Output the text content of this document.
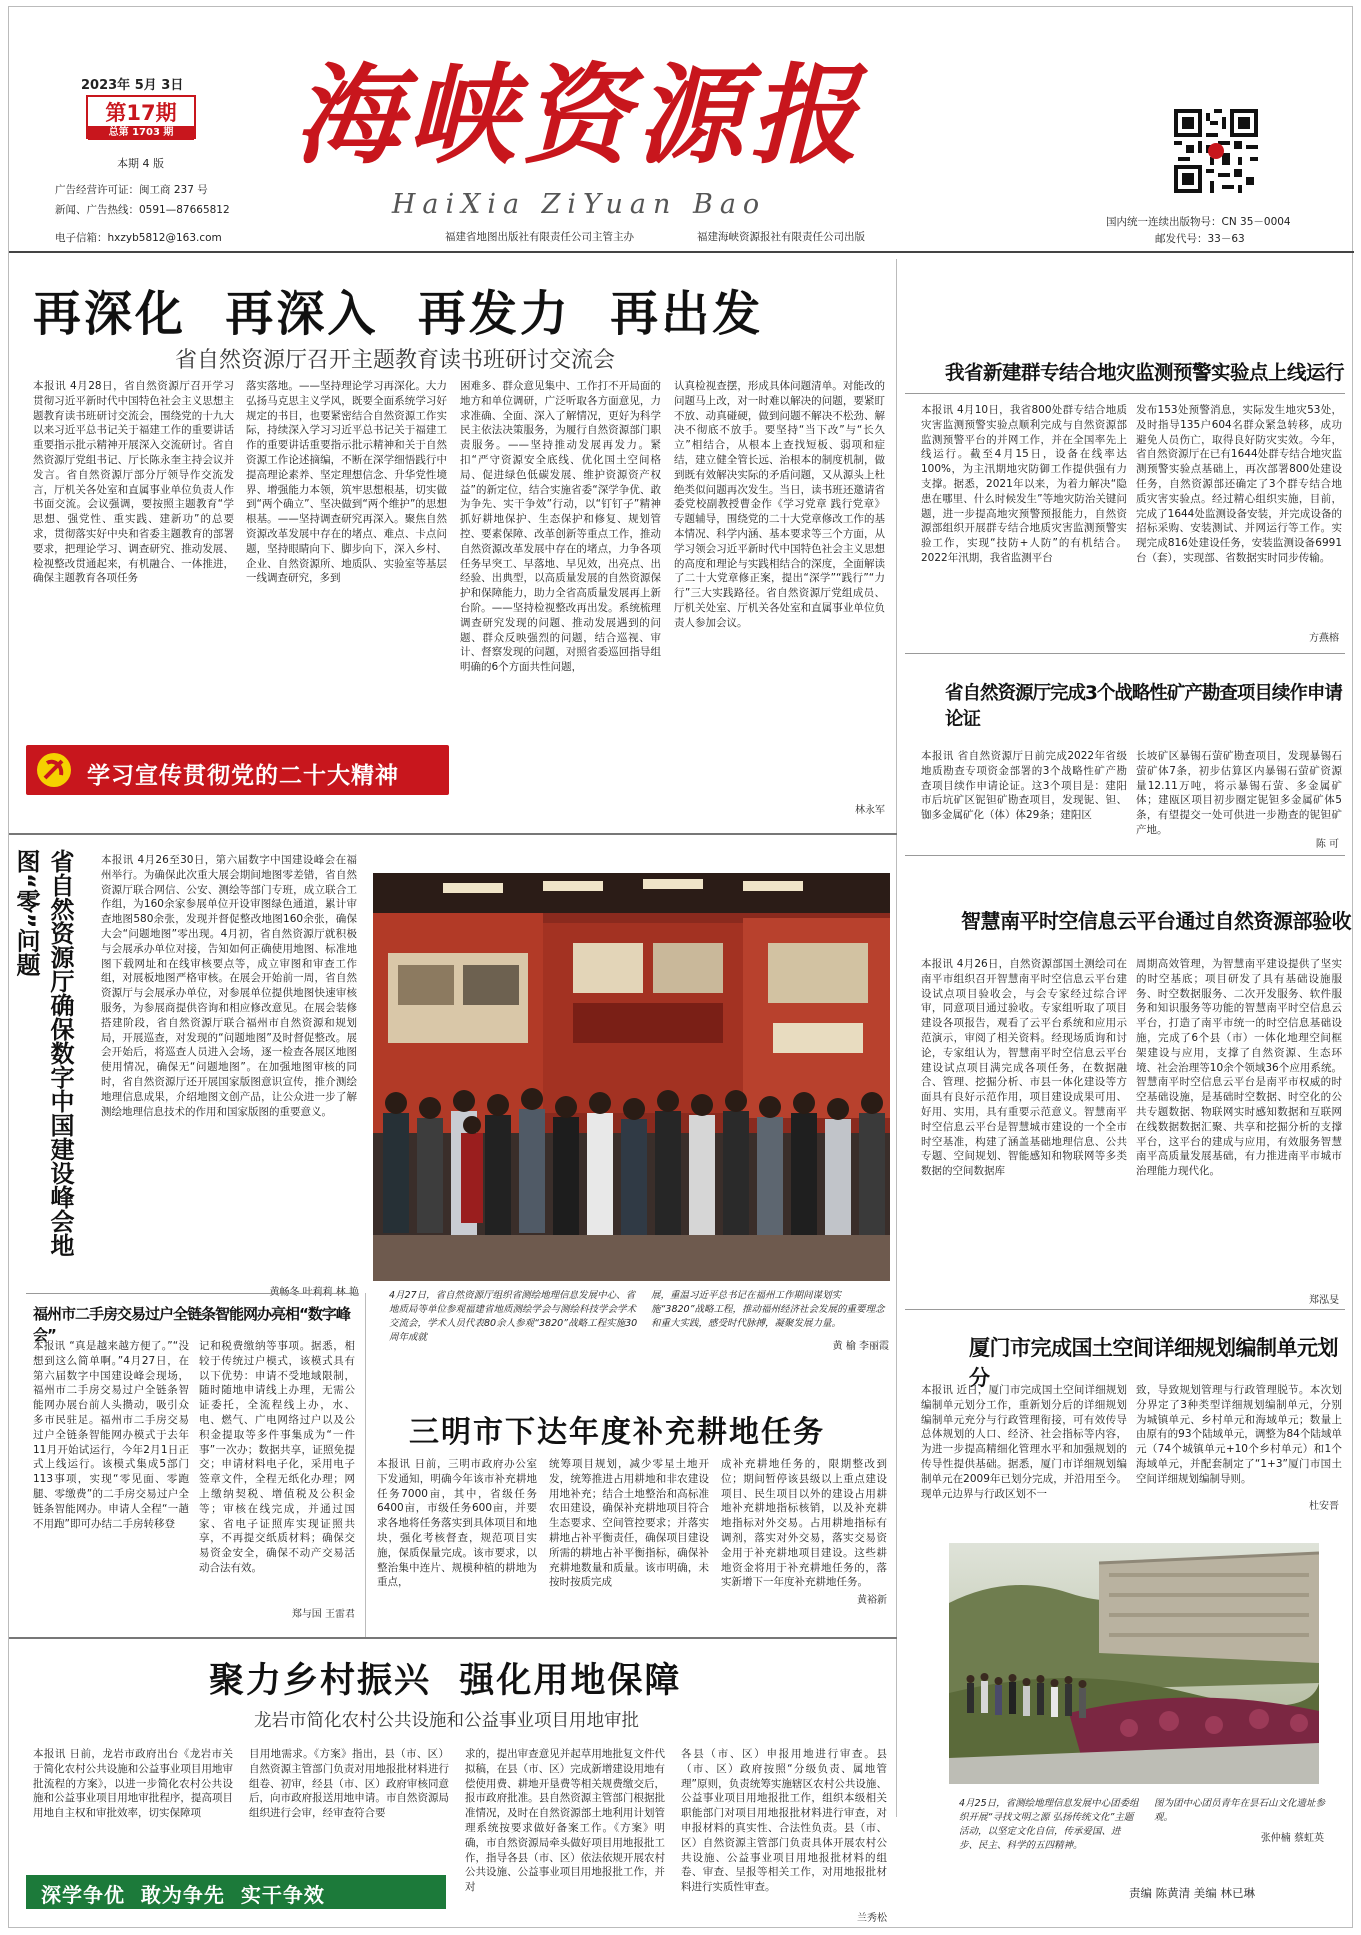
2023年 5月 3日
第17期
总第 1703 期
本期 4 版
广告经营许可证：闽工商 237 号
新闻、广告热线：0591—87665812
电子信箱：hxzyb5812@163.com
海峡资源报
HaiXia ZiYuan Bao
福建省地图出版社有限责任公司主管主办	福建海峡资源报社有限责任公司出版
国内统一连续出版物号：CN 35－0004
邮发代号：33－63
再深化  再深入  再发力  再出发
省自然资源厅召开主题教育读书班研讨交流会
本报讯 4月28日，省自然资源厅召开学习贯彻习近平新时代中国特色社会主义思想主题教育读书班研讨交流会，围绕党的十九大以来习近平总书记关于福建工作的重要讲话重要指示批示精神开展深入交流研讨。省自然资源厅党组书记、厅长陈永奎主持会议并发言。省自然资源厅部分厅领导作交流发言，厅机关各处室和直属事业单位负责人作书面交流。会议强调，要按照主题教育“学思想、强党性、重实践、建新功”的总要求，贯彻落实好中央和省委主题教育的部署要求，把理论学习、调查研究、推动发展、检视整改贯通起来，有机融合、一体推进，确保主题教育各项任务
落实落地。——坚持理论学习再深化。大力弘扬马克思主义学风，既要全面系统学习好规定的书目，也要紧密结合自然资源工作实际，持续深入学习习近平总书记关于福建工作的重要讲话重要指示批示精神和关于自然资源工作论述摘编，不断在深学细悟践行中提高理论素养、坚定理想信念、升华党性境界、增强能力本领，筑牢思想根基，切实做到“两个确立”、坚决做到“两个维护”的思想根基。——坚持调查研究再深入。聚焦自然资源改革发展中存在的堵点、难点、卡点问题，坚持眼睛向下、脚步向下，深入乡村、企业、自然资源所、地质队、实验室等基层一线调查研究，多到
困难多、群众意见集中、工作打不开局面的地方和单位调研，广泛听取各方面意见，力求准确、全面、深入了解情况，更好为科学民主依法决策服务，为履行自然资源部门职责服务。——坚持推动发展再发力。紧扣“严守资源安全底线、优化国土空间格局、促进绿色低碳发展、维护资源资产权益”的新定位，结合实施省委“深学争优、敢为争先、实干争效”行动，以“钉钉子”精神抓好耕地保护、生态保护和修复、规划管控、要素保障、改革创新等重点工作，推动自然资源改革发展中存在的堵点，力争各项任务早突工、早落地、早见效，出亮点、出经验、出典型，以高质量发展的自然资源保护和保障能力，助力全省高质量发展再上新台阶。——坚持检视整改再出发。系统梳理调查研究发现的问题、推动发展遇到的问题、群众反映强烈的问题，结合巡视、审计、督察发现的问题，对照省委巡回指导组明确的6个方面共性问题，
认真检视查摆，形成具体问题清单。对能改的问题马上改，对一时难以解决的问题，要紧盯不放、动真碰硬，做到问题不解决不松劲、解决不彻底不放手。要坚持“当下改”与“长久立”相结合，从根本上查找短板、弱项和症结，建立健全管长远、治根本的制度机制，做到既有效解决实际的矛盾问题，又从源头上杜绝类似问题再次发生。当日，读书班还邀请省委党校副教授曹金作《学习党章 践行党章》专题辅导，围绕党的二十大党章修改工作的基本情况、科学内涵、基本要求等三个方面，从学习领会习近平新时代中国特色社会主义思想的高度和理论与实践相结合的深度，全面解读了二十大党章修正案，提出“深学”“践行”“力行”三大实践路径。省自然资源厅党组成员、厅机关处室、厅机关各处室和直属事业单位负责人参加会议。
林永军
学习宣传贯彻党的二十大精神
我省新建群专结合地灾监测预警实验点上线运行
本报讯 4月10日，我省800处群专结合地质灾害监测预警实验点顺利完成与自然资源部监测预警平台的并网工作，并在全国率先上线运行。截至4月15日，设备在线率达100%，为主汛期地灾防御工作提供强有力支撑。据悉，2021年以来，为着力解决“隐患在哪里、什么时候发生”等地灾防治关键问题，进一步提高地灾预警预报能力，自然资源部组织开展群专结合地质灾害监测预警实验工作，实现“技防+人防”的有机结合。2022年汛期，我省监测平台
发布153处预警消息，实际发生地灾53处，及时指导135户604名群众紧急转移，成功避免人员伤亡，取得良好防灾实效。今年，省自然资源厅在已有1644处群专结合地灾监测预警实验点基础上，再次部署800处建设任务，自然资源部还确定了3个群专结合地质灾害实验点。经过精心组织实施，目前，完成了1644处监测设备安装，并完成设备的招标采购、安装测试、并网运行等工作。实现完成816处建设任务，安装监测设备6991台（套），实现部、省数据实时同步传输。
方燕榕
省自然资源厅完成3个战略性矿产勘查项目续作申请论证
本报讯 省自然资源厅日前完成2022年省级地质勘查专项资金部署的3个战略性矿产勘查项目续作申请论证。这3个项目是：建阳市后坑矿区铌钽矿勘查项目，发现铌、钽、铷多金属矿化（体）体29条；建阳区
长坡矿区暴锡石萤矿勘查项目，发现暴锡石萤矿体7条，初步估算区内暴锡石萤矿资源量12.11万吨，将示暴锡石萤、多金属矿体；建瓯区项目初步圈定铌钽多金属矿体5条，有望提交一处可供进一步勘查的铌钽矿产地。
陈 可
智慧南平时空信息云平台通过自然资源部验收
本报讯 4月26日，自然资源部国土测绘司在南平市组织召开智慧南平时空信息云平台建设试点项目验收会，与会专家经过综合评审，同意项目通过验收。专家组听取了项目建设各项报告，观看了云平台系统和应用示范演示，审阅了相关资料。经现场质询和讨论，专家组认为，智慧南平时空信息云平台建设试点项目满完成各项任务，在数据融合、管理、挖掘分析、市县一体化建设等方面具有良好示范作用，项目建设成果可用、好用、实用，具有重要示范意义。智慧南平时空信息云平台是智慧城市建设的一个全市时空基准，构建了涵盖基础地理信息、公共专题、空间规划、智能感知和物联网等多类数据的空间数据库
周期高效管理，为智慧南平建设提供了坚实的时空基底；项目研发了具有基础设施服务、时空数据服务、二次开发服务、软件服务和知识服务等功能的智慧南平时空信息云平台，打造了南平市统一的时空信息基础设施，完成了6个县（市）一体化地理空间框架建设与应用，支撑了自然资源、生态环境、社会治理等10余个领域36个应用系统。智慧南平时空信息云平台是南平市权威的时空基础设施，是基础时空数据、时空化的公共专题数据、物联网实时感知数据和互联网在线数据数据汇聚、共享和挖掘分析的支撑平台，这平台的建成与应用，有效服务智慧南平高质量发展基础，有力推进南平市城市治理能力现代化。
郑泓旻
厦门市完成国土空间详细规划编制单元划分
本报讯 近日，厦门市完成国土空间详细规划编制单元划分工作，重新划分后的详细规划编制单元充分与行政管理衔接，可有效传导总体规划的人口、经济、社会指标等内容，为进一步提高精细化管理水平和加强规划的传导性提供基础。据悉，厦门市详细规划编制单元在2009年已划分完成，并沿用至今。现单元边界与行政区划不一
致，导致规划管理与行政管理脱节。本次划分界定了3种类型详细规划编制单元，分别为城镇单元、乡村单元和海域单元；数量上由原有的93个陆域单元，调整为84个陆域单元（74个城镇单元+10个乡村单元）和1个海域单元，并配套制定了“1+3”厦门市国土空间详细规划编制导则。
杜安晋
4月25日，省测绘地理信息发展中心团委组织开展“寻找文明之源 弘扬传统文化”主题活动，以坚定文化自信，传承爱国、进步、民主、科学的五四精神。
图为团中心团员青年在昙石山文化遗址参观。
张仲楠 蔡虹英
责编 陈黄清 美编 林已琳
省自然资源厅确保数字中国建设峰会地图“零”问题	本报讯 4月26至30日，第六届数字中国建设峰会在福州举行。为确保此次重大展会期间地图零差错，省自然资源厅联合网信、公安、测绘等部门专班，成立联合工作组，为160余家参展单位开设审图绿色通道，累计审查地图580余张，发现并督促整改地图160余张，确保大会“问题地图”零出现。4月初，省自然资源厅就积极与会展承办单位对接，告知如何正确使用地图、标准地图下载网址和在线审核要点等，成立审图和审查工作组，对展板地图严格审核。在展会开始前一周，省自然资源厅与会展承办单位，对参展单位提供地图快速审核服务，为参展商提供咨询和相应修改意见。在展会装修搭建阶段，省自然资源厅联合福州市自然资源和规划局，开展巡查，对发现的“问题地图”及时督促整改。展会开始后，将巡查人员进入会场，逐一检查各展区地图使用情况，确保无“问题地图”。在加强地图审核的同时，省自然资源厅还开展国家版图意识宣传，推介测绘地理信息成果，介绍地图文创产品，让公众进一步了解测绘地理信息技术的作用和国家版图的重要意义。
4月27日，省自然资源厅组织省测绘地理信息发展中心、省地质局等单位参观福建省地质测绘学会与测绘科技学会学术交流会，学术人员代表80余人参观“3820”战略工程实施30周年成就
展，重温习近平总书记在福州工作期间谋划实施“3820”战略工程，推动福州经济社会发展的重要理念和重大实践，感受时代脉搏，凝聚发展力量。
黄 榆 李丽霞
福州市二手房交易过户全链条智能网办亮相“数字峰会”
本报讯 “真是越来越方便了。”“没想到这么简单啊。”4月27日，在第六届数字中国建设峰会现场，福州市二手房交易过户全链条智能网办展台前人头攒动，吸引众多市民驻足。福州市二手房交易过户全链条智能网办模式于去年11月开始试运行，今年2月1日正式上线运行。该模式集成5部门113事项，实现“零见面、零跑腿、零缴费”的二手房交易过户全链条智能网办。申请人全程“一趟不用跑”即可办结二手房转移登
记和税费缴纳等事项。据悉，相较于传统过户模式，该模式具有以下优势：申请不受地域限制，随时随地申请线上办理，无需公证委托，全流程线上办，水、电、燃气、广电网络过户以及公积金提取等多件事集成为“一件事”一次办；数据共享，证照免提交；申请材料电子化，采用电子签章文件，全程无纸化办理；网上缴纳契税、增值税及公积金等；审核在线完成，并通过国家、省电子证照库实现证照共享，不再提交纸质材料；确保交易资金安全，确保不动产交易活动合法有效。
郑与国 王雷君
三明市下达年度补充耕地任务
本报讯 日前，三明市政府办公室下发通知，明确今年该市补充耕地任务7000亩，其中，省级任务6400亩，市级任务600亩，并要求各地将任务落实到具体项目和地块，强化考核督查，规范项目实施，保质保量完成。该市要求，以整治集中连片、规模种植的耕地为重点，
统筹项目规划，减少零星土地开发，统筹推进占用耕地和非农建设用地补充；结合土地整治和高标准农田建设，确保补充耕地项目符合生态要求、空间管控要求；并落实耕地占补平衡责任，确保项目建设所需的耕地占补平衡指标，确保补充耕地数量和质量。该市明确，未按时按质完成
成补充耕地任务的，限期整改到位；期间暂停该县级以上重点建设项目、民生项目以外的建设占用耕地补充耕地指标核销，以及补充耕地指标对外交易。占用耕地指标有调剂，落实对外交易，落实交易资金用于补充耕地项目建设。这些耕地资金将用于补充耕地任务的，落实新增下一年度补充耕地任务。
黄裕新
聚力乡村振兴  强化用地保障
龙岩市简化农村公共设施和公益事业项目用地审批
本报讯 日前，龙岩市政府出台《龙岩市关于简化农村公共设施和公益事业项目用地审批流程的方案》，以进一步简化农村公共设施和公益事业项目用地审批程序，提高项目用地自主权和审批效率，切实保障项
目用地需求。《方案》指出，县（市、区）自然资源主管部门负责对用地报批材料进行组卷、初审，经县（市、区）政府审核同意后，向市政府报送用地申请。市自然资源局组织进行会审，经审查符合要
求的，提出审查意见并起草用地批复文件代拟稿，在县（市、区）完成新增建设用地有偿使用费、耕地开垦费等相关规费缴交后，报市政府批准。县自然资源主管部门根据批准情况，及时在自然资源部土地利用计划管理系统按要求做好备案工作。《方案》明确，市自然资源局牵头做好项目用地报批工作，指导各县（市、区）依法依规开展农村公共设施、公益事业项目用地报批工作，并对
各县（市、区）申报用地进行审查。县（市、区）政府按照“分级负责、属地管理”原则，负责统筹实施辖区农村公共设施、公益事业项目用地报批工作，组织本级相关职能部门对项目用地报批材料进行审查，对申报材料的真实性、合法性负责。县（市、区）自然资源主管部门负责具体开展农村公共设施、公益事业项目用地报批材料的组卷、审查、呈报等相关工作，对用地报批材料进行实质性审查。
兰秀松
深学争优  敢为争先  实干争效
